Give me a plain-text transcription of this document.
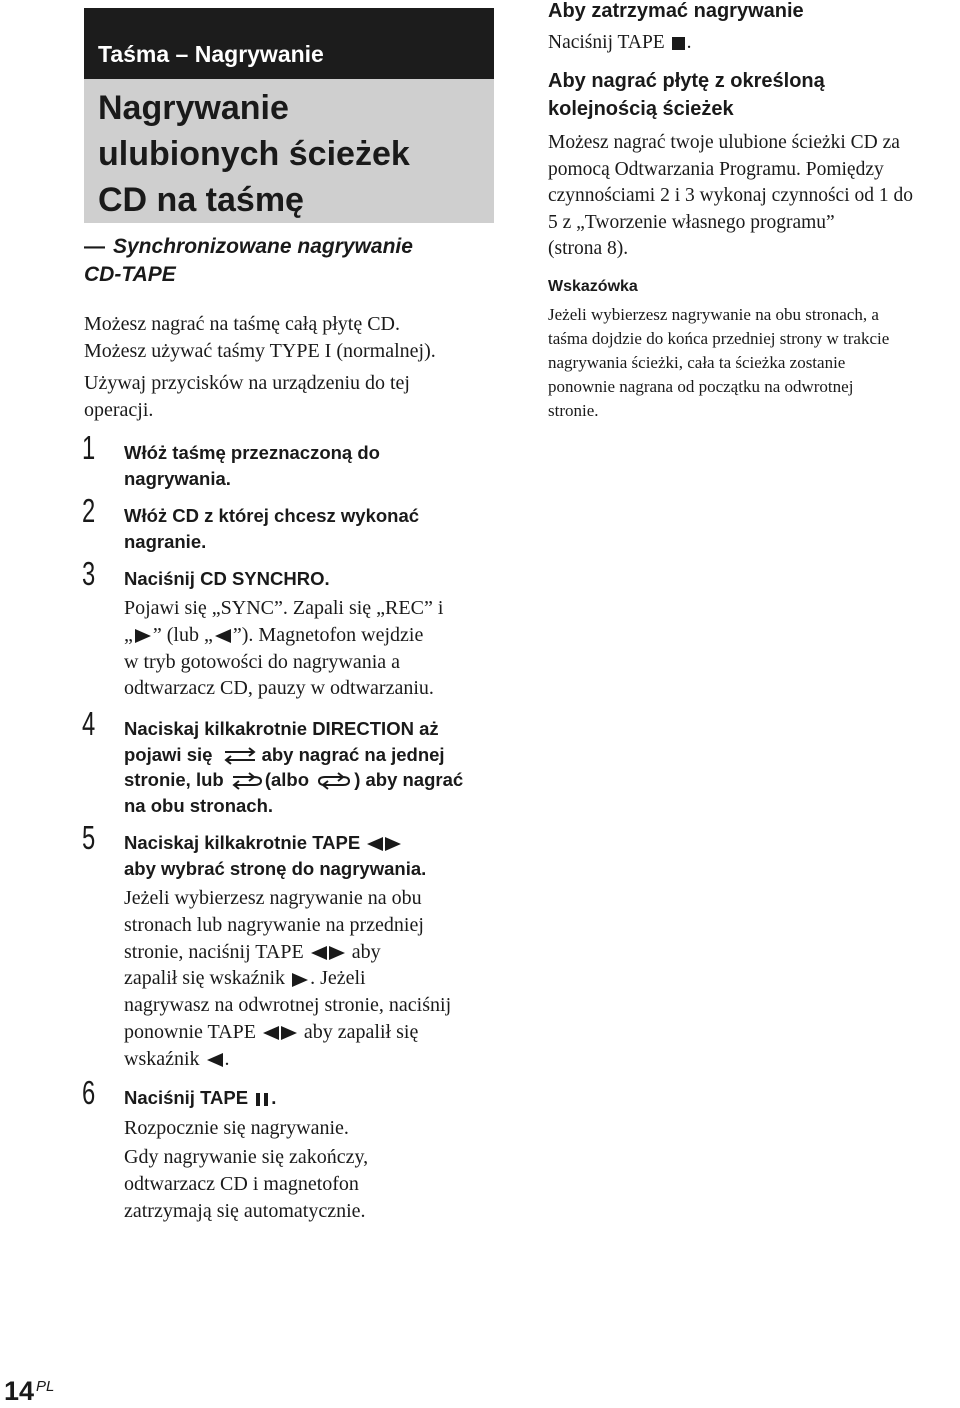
Taśma – Nagrywanie
Nagrywanie
ulubionych ścieżek
CD na taśmę
— Synchronizowane nagrywanie
CD-TAPE
Możesz nagrać na taśmę całą płytę CD.
Możesz używać taśmy TYPE I (normalnej).
Używaj przycisków na urządzeniu do tej
operacji.
1 Włóż taśmę przeznaczoną do
nagrywania.
2 Włóż CD z której chcesz wykonać
nagranie.
3 Naciśnij CD SYNCHRO.
Pojawi się „SYNC”. Zapali się „REC” i
„ ” (lub „ ”). Magnetofon wejdzie
w tryb gotowości do nagrywania a
odtwarzacz CD, pauzy w odtwarzaniu.
4 Naciskaj kilkakrotnie DIRECTION aż
pojawi się	aby nagrać na jednej
stronie, lub (albo ) aby nagrać
na obu stronach.
5 Naciskaj kilkakrotnie TAPE
aby wybrać stronę do nagrywania.
Jeżeli wybierzesz nagrywanie na obu
stronach lub nagrywanie na przedniej
stronie, naciśnij TAPE aby
zapalił się wskaźnik . Jeżeli
nagrywasz na odwrotnej stronie, naciśnij
ponownie TAPE aby zapalił się
wskaźnik .
6 Naciśnij TAPE .
Rozpocznie się nagrywanie.
Gdy nagrywanie się zakończy,
odtwarzacz CD i magnetofon
zatrzymają się automatycznie.
Aby zatrzymać nagrywanie
Naciśnij TAPE .
Aby nagrać płytę z określoną
kolejnością ścieżek
Możesz nagrać twoje ulubione ścieżki CD za
pomocą Odtwarzania Programu. Pomiędzy
czynnościami 2 i 3 wykonaj czynności od 1 do
5 z „Tworzenie własnego programu”
(strona 8).
Wskazówka
Jeżeli wybierzesz nagrywanie na obu stronach, a
taśma dojdzie do końca przedniej strony w trakcie
nagrywania ścieżki, cała ta ścieżka zostanie
ponownie nagrana od początku na odwrotnej
stronie.
14 $^{PL}$
